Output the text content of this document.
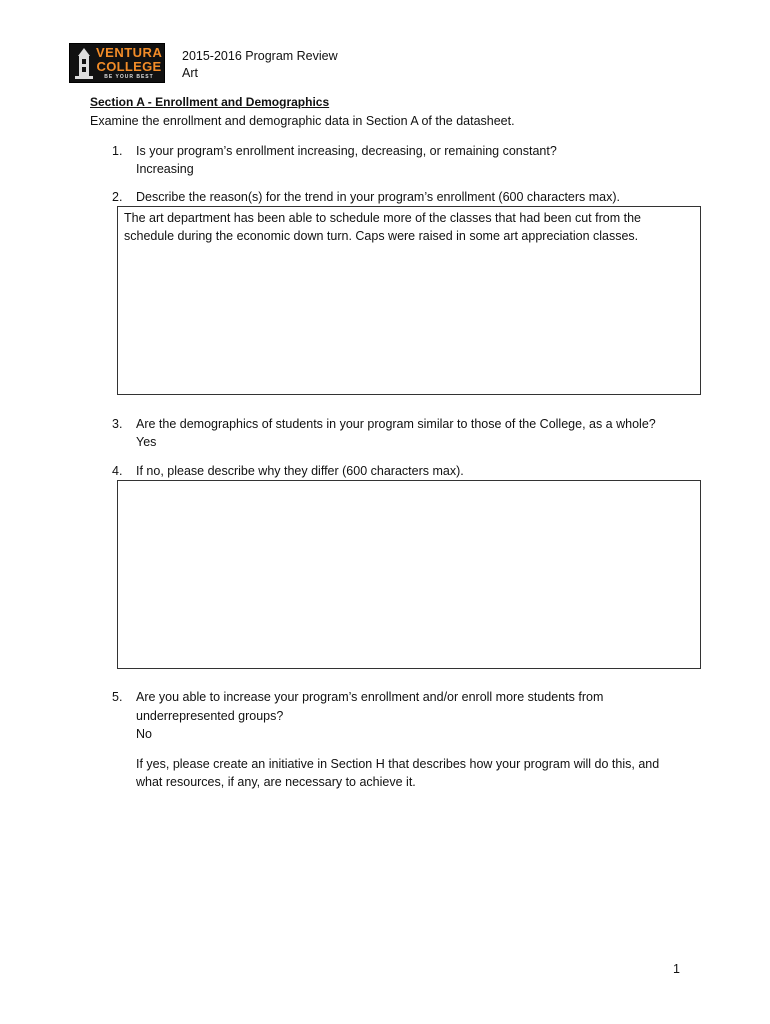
VENTURA
COLLEGE
BE YOUR BEST
2015-2016 Program Review
Art
Section A - Enrollment and Demographics
Examine the enrollment and demographic data in Section A of the datasheet.
1. Is your program’s enrollment increasing, decreasing, or remaining constant?
Increasing
2. Describe the reason(s) for the trend in your program’s enrollment (600 characters max).
The art department has been able to schedule more of the classes that had been cut from the schedule during the economic down turn. Caps were raised in some art appreciation classes.
3. Are the demographics of students in your program similar to those of the College, as a whole?
Yes
4. If no, please describe why they differ (600 characters max).
5. Are you able to increase your program’s enrollment and/or enroll more students from
underrepresented groups?
No
If yes, please create an initiative in Section H that describes how your program will do this, and what resources, if any, are necessary to achieve it.
1
